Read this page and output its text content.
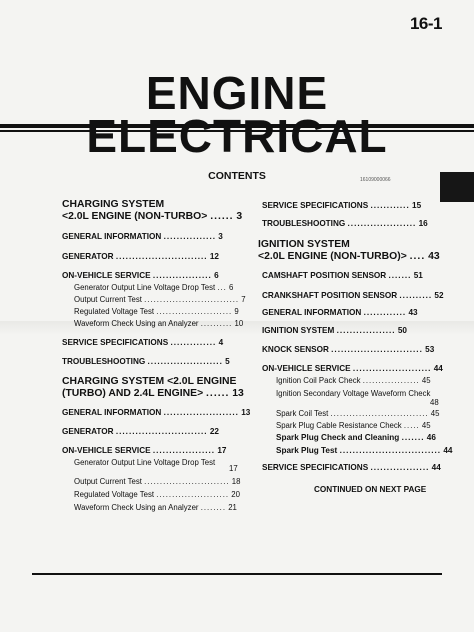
16-1
ENGINE
ELECTRICAL
CONTENTS	16109000066
CHARGING SYSTEM
<2.0L ENGINE (NON-TURBO> ...... 3
GENERAL INFORMATION ................ 3
GENERATOR ............................ 12
ON-VEHICLE SERVICE .................. 6
Generator Output Line Voltage Drop Test ... 6
Output Current Test .............................. 7
Regulated Voltage Test ........................ 9
Waveform Check Using an Analyzer .......... 10
SERVICE SPECIFICATIONS .............. 4
TROUBLESHOOTING ....................... 5
CHARGING SYSTEM <2.0L ENGINE
(TURBO) AND 2.4L ENGINE> ...... 13
GENERAL INFORMATION ....................... 13
GENERATOR ............................ 22
ON-VEHICLE SERVICE ................... 17
Generator Output Line Voltage Drop Test
17
Output Current Test ........................... 18
Regulated Voltage Test ....................... 20
Waveform Check Using an Analyzer ........ 21
SERVICE SPECIFICATIONS ............ 15
TROUBLESHOOTING ..................... 16
IGNITION SYSTEM
<2.0L ENGINE (NON-TURBO)> .... 43
CAMSHAFT POSITION SENSOR ....... 51
CRANKSHAFT POSITION SENSOR .......... 52
GENERAL INFORMATION ............. 43
IGNITION SYSTEM .................. 50
KNOCK SENSOR ............................ 53
ON-VEHICLE SERVICE ........................ 44
Ignition Coil Pack Check .................. 45
Ignition Secondary Voltage Waveform Check
48
Spark Coil Test ............................... 45
Spark Plug Cable Resistance Check ..... 45
Spark Plug Check and Cleaning ....... 46
Spark Plug Test ............................... 44
SERVICE SPECIFICATIONS .................. 44
CONTINUED ON NEXT PAGE
